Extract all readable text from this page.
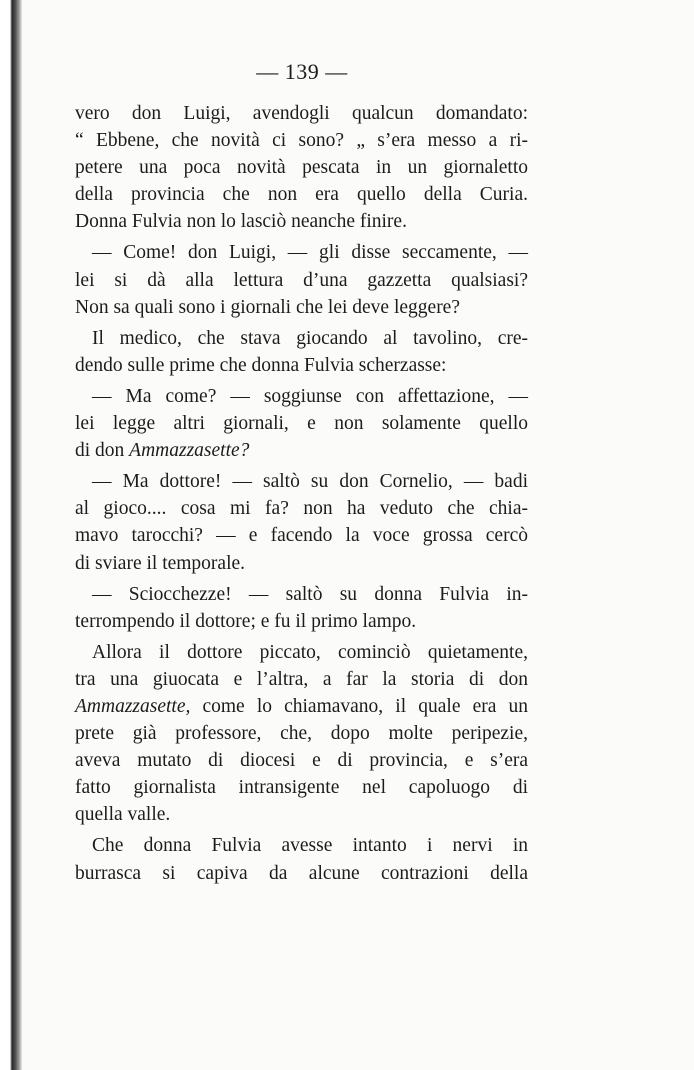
— 139 —
vero don Luigi, avendogli qualcun domandato:
“ Ebbene, che novità ci sono? „ s’era messo a ri-
petere una poca novità pescata in un giornaletto
della provincia che non era quello della Curia.
Donna Fulvia non lo lasciò neanche finire.
— Come! don Luigi, — gli disse seccamente, —
lei si dà alla lettura d’una gazzetta qualsiasi?
Non sa quali sono i giornali che lei deve leggere?
Il medico, che stava giocando al tavolino, cre-
dendo sulle prime che donna Fulvia scherzasse:
— Ma come? — soggiunse con affettazione, —
lei legge altri giornali, e non solamente quello
di don Ammazzasette?
— Ma dottore! — saltò su don Cornelio, — badi
al gioco.... cosa mi fa? non ha veduto che chia-
mavo tarocchi? — e facendo la voce grossa cercò
di sviare il temporale.
— Sciocchezze! — saltò su donna Fulvia in-
terrompendo il dottore; e fu il primo lampo.
Allora il dottore piccato, cominciò quietamente,
tra una giuocata e l’altra, a far la storia di don
Ammazzasette, come lo chiamavano, il quale era un
prete già professore, che, dopo molte peripezie,
aveva mutato di diocesi e di provincia, e s’era
fatto giornalista intransigente nel capoluogo di
quella valle.
Che donna Fulvia avesse intanto i nervi in
burrasca si capiva da alcune contrazioni della
